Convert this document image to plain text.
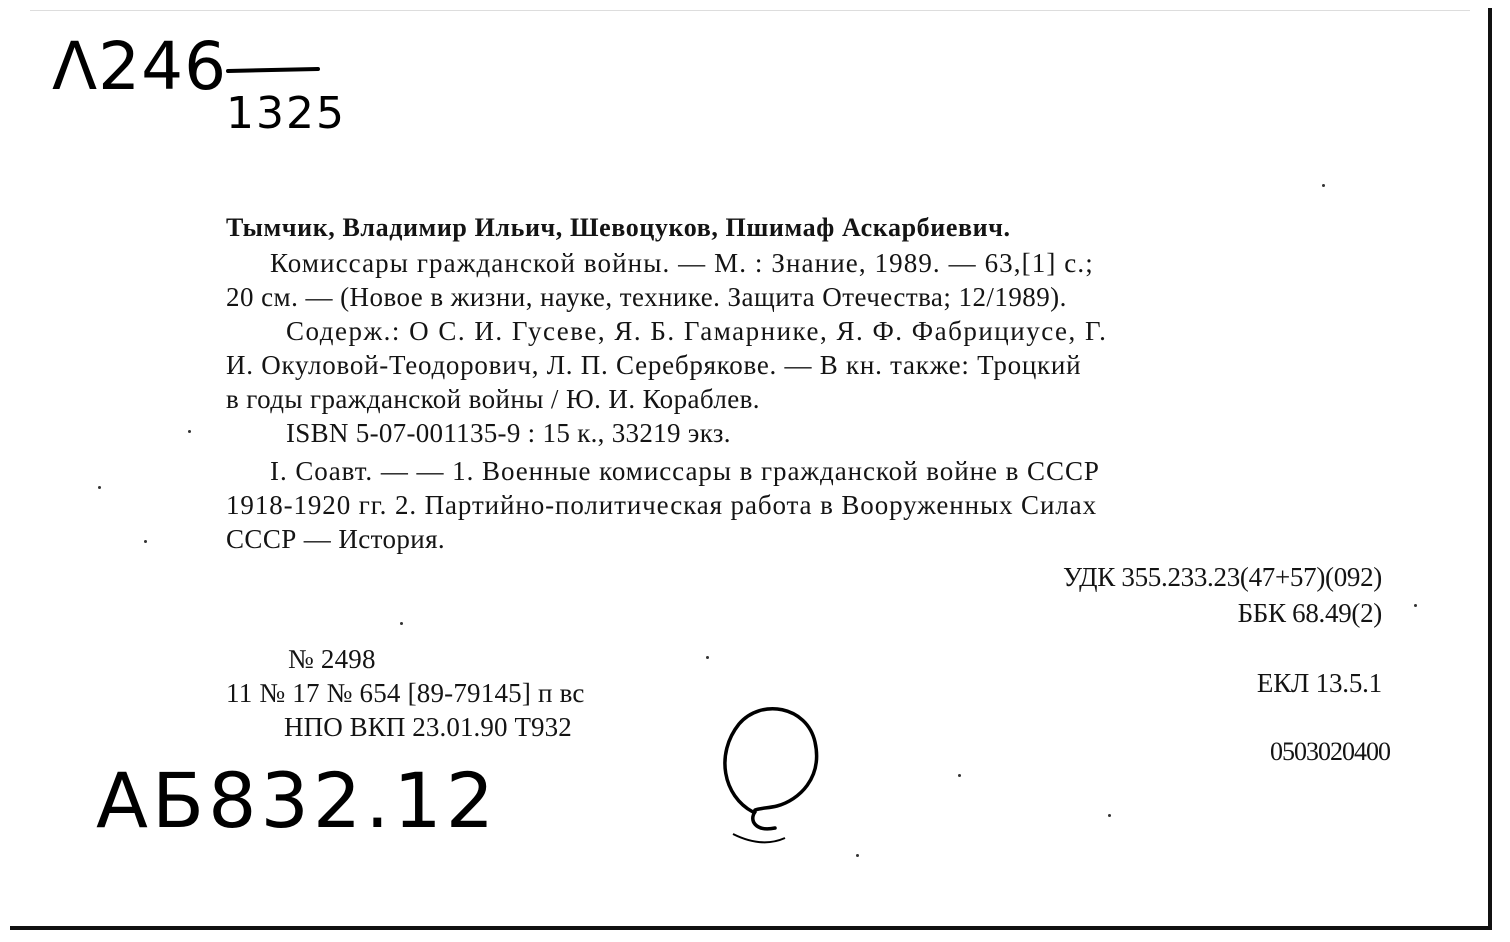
Λ246
1325
Тымчик, Владимир Ильич, Шевоцуков, Пшимаф Аскарбиевич.
Комиссары гражданской войны. — М. : Знание, 1989. — 63,[1] с.;
20 см. — (Новое в жизни, науке, технике. Защита Отечества; 12/1989).
Содерж.: О С. И. Гусеве, Я. Б. Гамарнике, Я. Ф. Фабрициусе, Г.
И. Окуловой-Теодорович, Л. П. Серебрякове. — В кн. также: Троцкий
в годы гражданской войны / Ю. И. Кораблев.
ISBN 5-07-001135-9 : 15 к., 33219 экз.
I. Соавт. — — 1. Военные комиссары в гражданской войне в СССР
1918-1920 гг. 2. Партийно-политическая работа в Вооруженных Силах
СССР — История.
УДК 355.233.23(47+57)(092)
ББК 68.49(2)
№ 2498
11 № 17 № 654 [89-79145] п вс
НПО ВКП 23.01.90 Т932
ЕКЛ 13.5.1
0503020400
АБ832.12
